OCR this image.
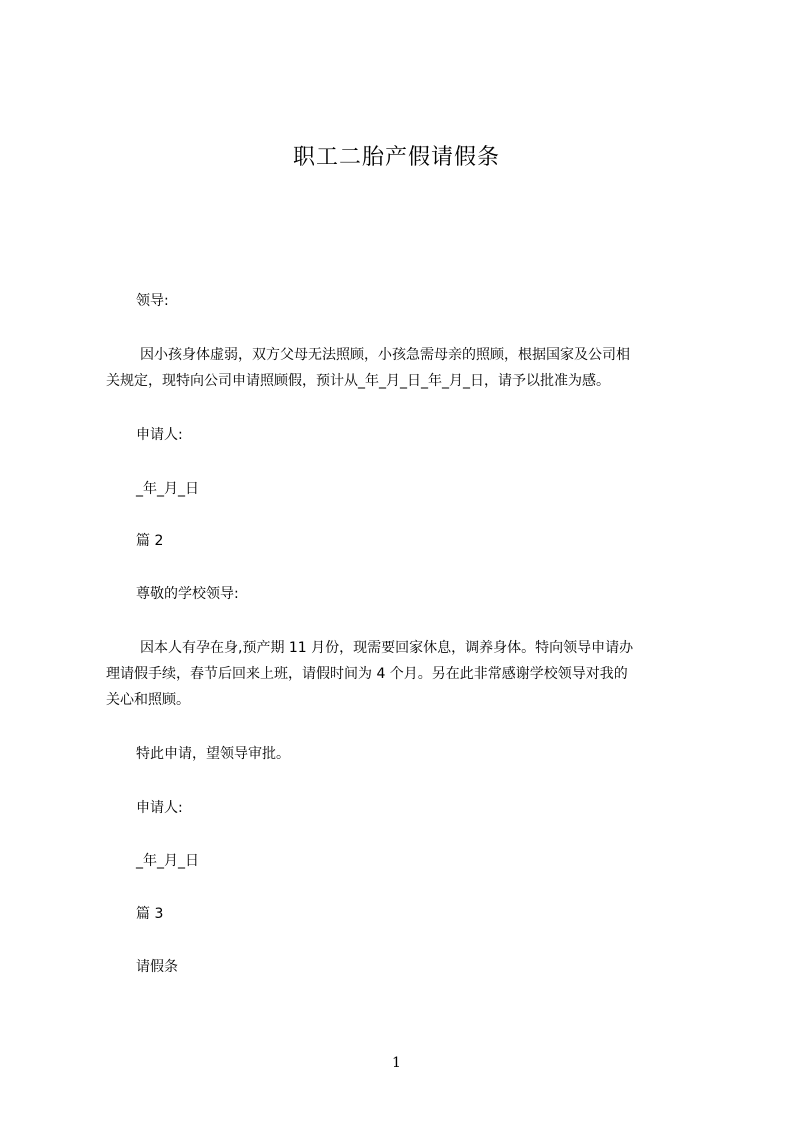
职工二胎产假请假条
领导:
因小孩身体虚弱，双方父母无法照顾，小孩急需母亲的照顾，根据国家及公司相
关规定，现特向公司申请照顾假，预计从_年_月_日_年_月_日，请予以批准为感。
申请人:
_年_月_日
篇 2
尊敬的学校领导:
因本人有孕在身,预产期 11 月份，现需要回家休息，调养身体。特向领导申请办
理请假手续，春节后回来上班，请假时间为 4 个月。另在此非常感谢学校领导对我的
关心和照顾。
特此申请，望领导审批。
申请人:
_年_月_日
篇 3
请假条
1
